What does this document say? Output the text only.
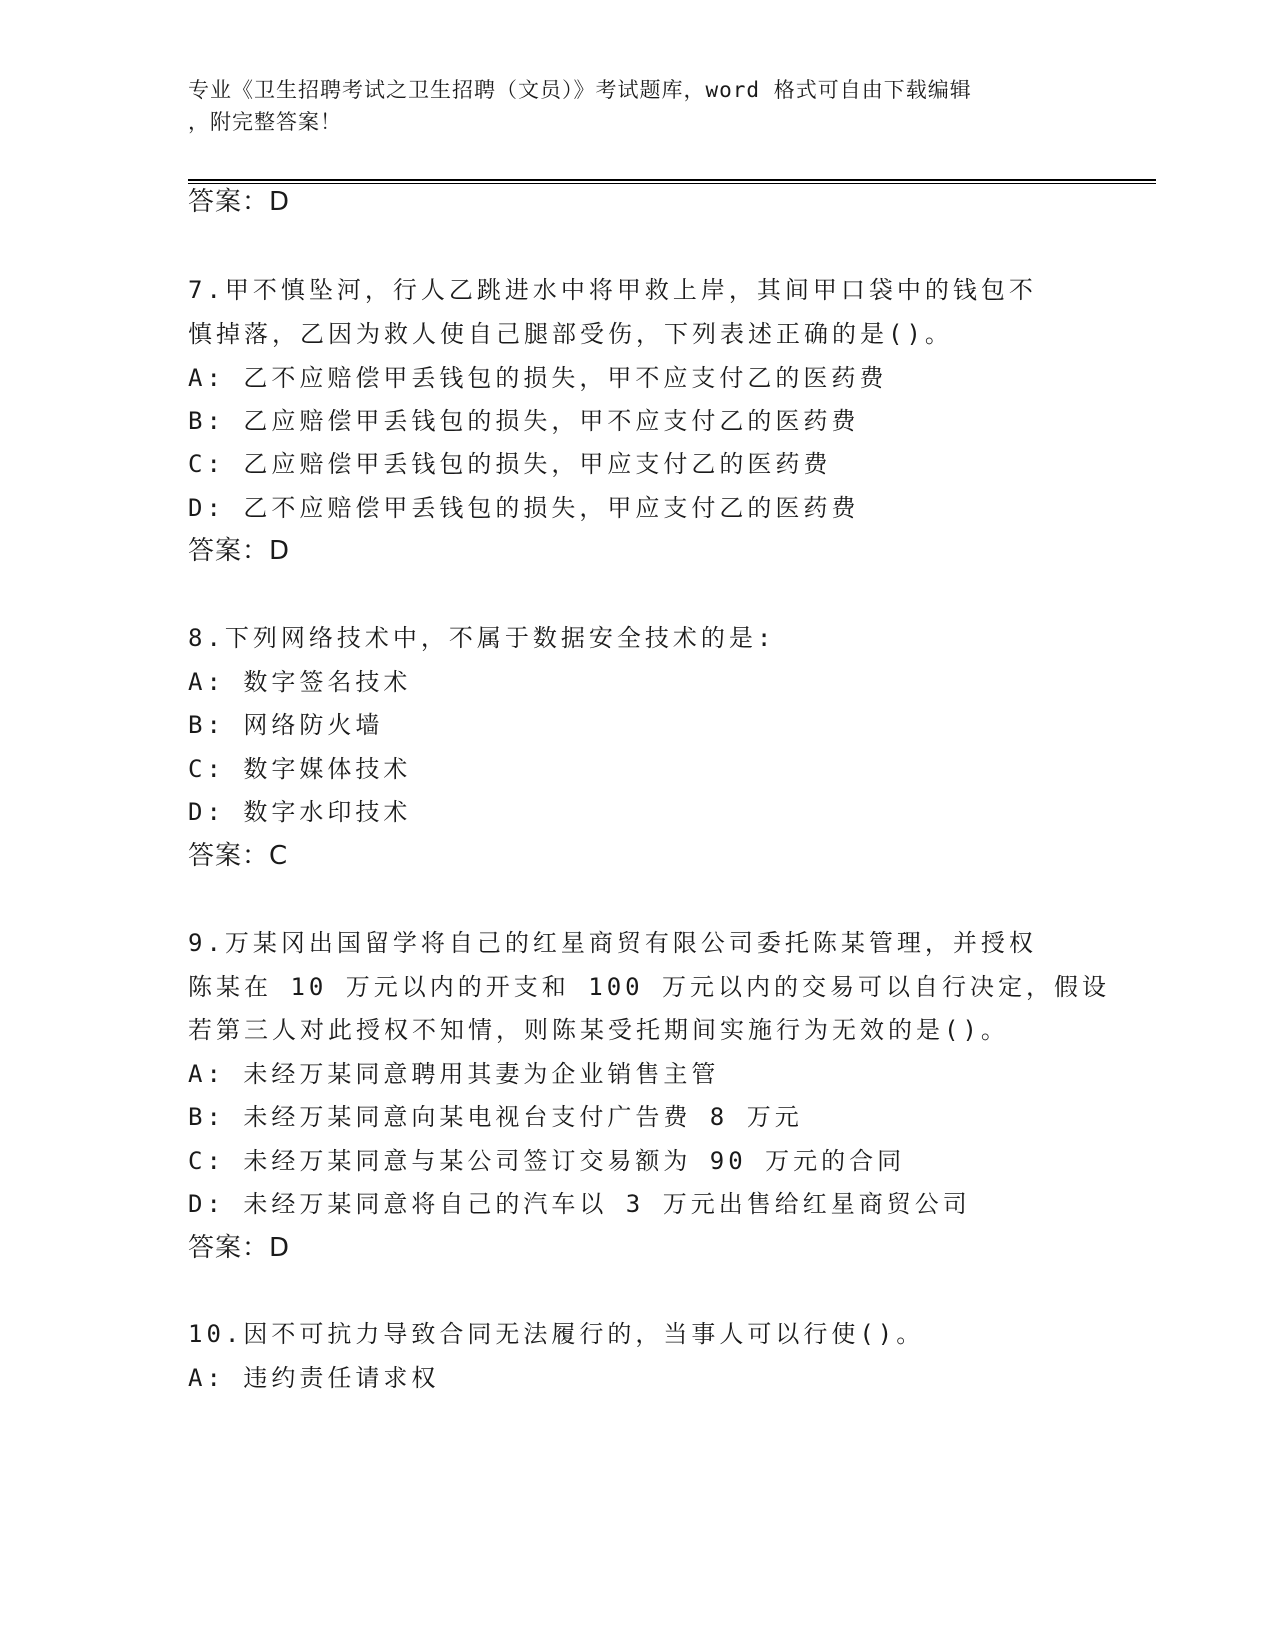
专业《卫生招聘考试之卫生招聘（文员）》考试题库，word 格式可自由下载编辑
，附完整答案！
答案：D
7.甲不慎坠河，行人乙跳进水中将甲救上岸，其间甲口袋中的钱包不
慎掉落，乙因为救人使自己腿部受伤，下列表述正确的是()。
A: 乙不应赔偿甲丢钱包的损失，甲不应支付乙的医药费
B: 乙应赔偿甲丢钱包的损失，甲不应支付乙的医药费
C: 乙应赔偿甲丢钱包的损失，甲应支付乙的医药费
D: 乙不应赔偿甲丢钱包的损失，甲应支付乙的医药费
答案：D
8.下列网络技术中，不属于数据安全技术的是:
A: 数字签名技术
B: 网络防火墙
C: 数字媒体技术
D: 数字水印技术
答案：C
9.万某冈出国留学将自己的红星商贸有限公司委托陈某管理，并授权
陈某在 10 万元以内的开支和 100 万元以内的交易可以自行决定，假设
若第三人对此授权不知情，则陈某受托期间实施行为无效的是()。
A: 未经万某同意聘用其妻为企业销售主管
B: 未经万某同意向某电视台支付广告费 8 万元
C: 未经万某同意与某公司签订交易额为 90 万元的合同
D: 未经万某同意将自己的汽车以 3 万元出售给红星商贸公司
答案：D
10.因不可抗力导致合同无法履行的，当事人可以行使()。
A: 违约责任请求权
